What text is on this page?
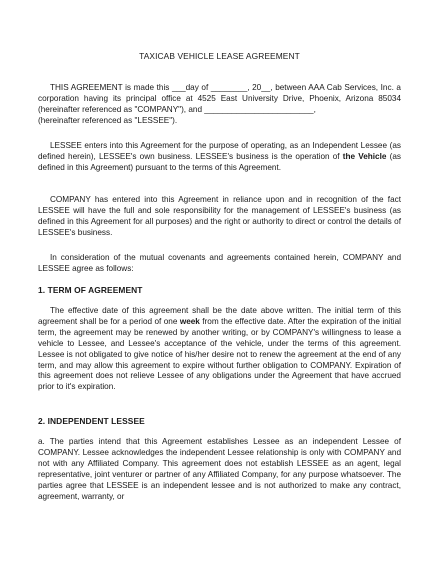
TAXICAB VEHICLE LEASE AGREEMENT

THIS AGREEMENT is made this ___day of ________, 20__, between AAA Cab Services, Inc. a corporation having its principal office at 4525 East University Drive, Phoenix, Arizona 85034 (hereinafter referenced as "COMPANY"), and ________________________,

(hereinafter referenced as "LESSEE").

LESSEE enters into this Agreement for the purpose of operating, as an Independent Lessee (as defined herein), LESSEE's own business. LESSEE's business is the operation of the Vehicle (as defined in this Agreement) pursuant to the terms of this Agreement.

COMPANY has entered into this Agreement in reliance upon and in recognition of the fact LESSEE will have the full and sole responsibility for the management of LESSEE's business (as defined in this Agreement for all purposes) and the right or authority to direct or control the details of LESSEE's business.

In consideration of the mutual covenants and agreements contained herein, COMPANY and LESSEE agree as follows:

1. TERM OF AGREEMENT

The effective date of this agreement shall be the date above written. The initial term of this agreement shall be for a period of one week from the effective date. After the expiration of the initial term, the agreement may be renewed by another writing, or by COMPANY's willingness to lease a vehicle to Lessee, and Lessee's acceptance of the vehicle, under the terms of this agreement. Lessee is not obligated to give notice of his/her desire not to renew the agreement at the end of any term, and may allow this agreement to expire without further obligation to COMPANY. Expiration of this agreement does not relieve Lessee of any obligations under the Agreement that have accrued prior to it's expiration.

2. INDEPENDENT LESSEE

a. The parties intend that this Agreement establishes Lessee as an independent Lessee of COMPANY. Lessee acknowledges the independent Lessee relationship is only with COMPANY and not with any Affiliated Company. This agreement does not establish LESSEE as an agent, legal representative, joint venturer or partner of any Affiliated Company, for any purpose whatsoever. The parties agree that LESSEE is an independent lessee and is not authorized to make any contract, agreement, warranty, or
